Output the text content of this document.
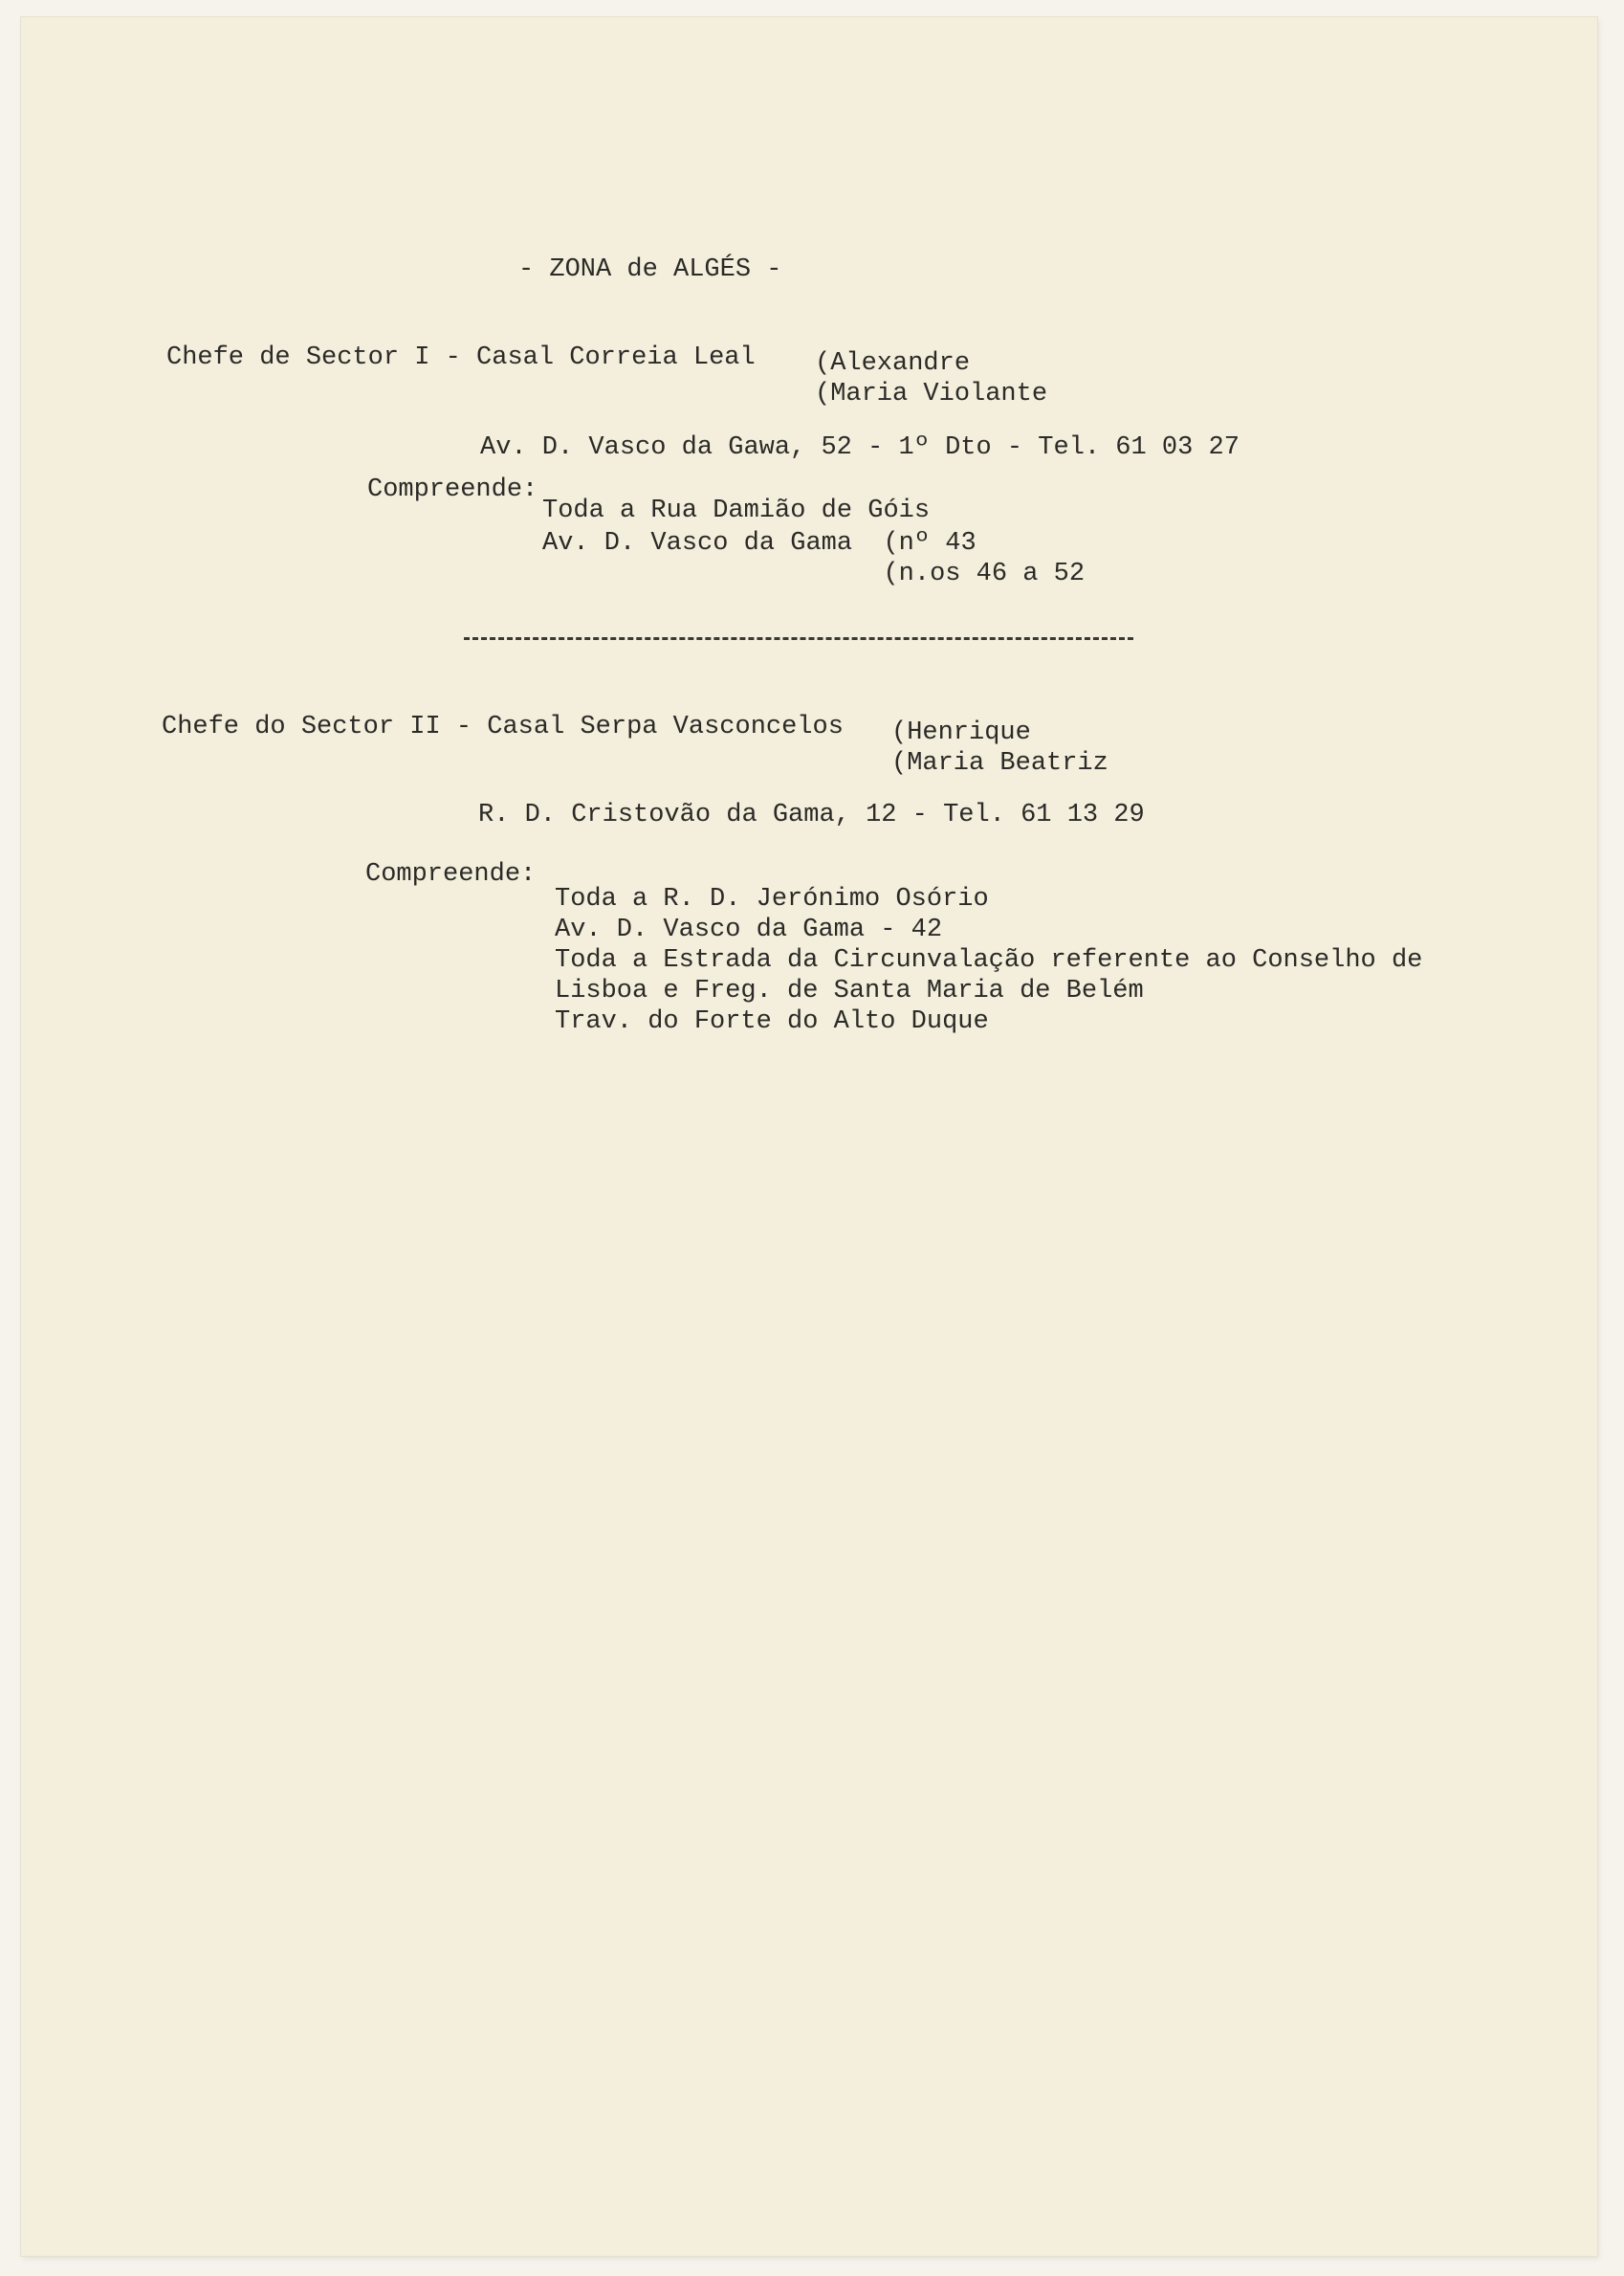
- ZONA de ALGÉS -
Chefe de Sector I - Casal Correia Leal (Alexandre
(Maria Violante
Av. D. Vasco da Gawa, 52 - 1º Dto - Tel. 61 03 27
Compreende:
Toda a Rua Damião de Góis
Av. D. Vasco da Gama  (nº 43
(n.os 46 a 52
Chefe do Sector II - Casal Serpa Vasconcelos (Henrique
(Maria Beatriz
R. D. Cristovão da Gama, 12 - Tel. 61 13 29
Compreende:
Toda a R. D. Jerónimo Osório
Av. D. Vasco da Gama - 42
Toda a Estrada da Circunvalação referente ao Conselho de
Lisboa e Freg. de Santa Maria de Belém
Trav. do Forte do Alto Duque
